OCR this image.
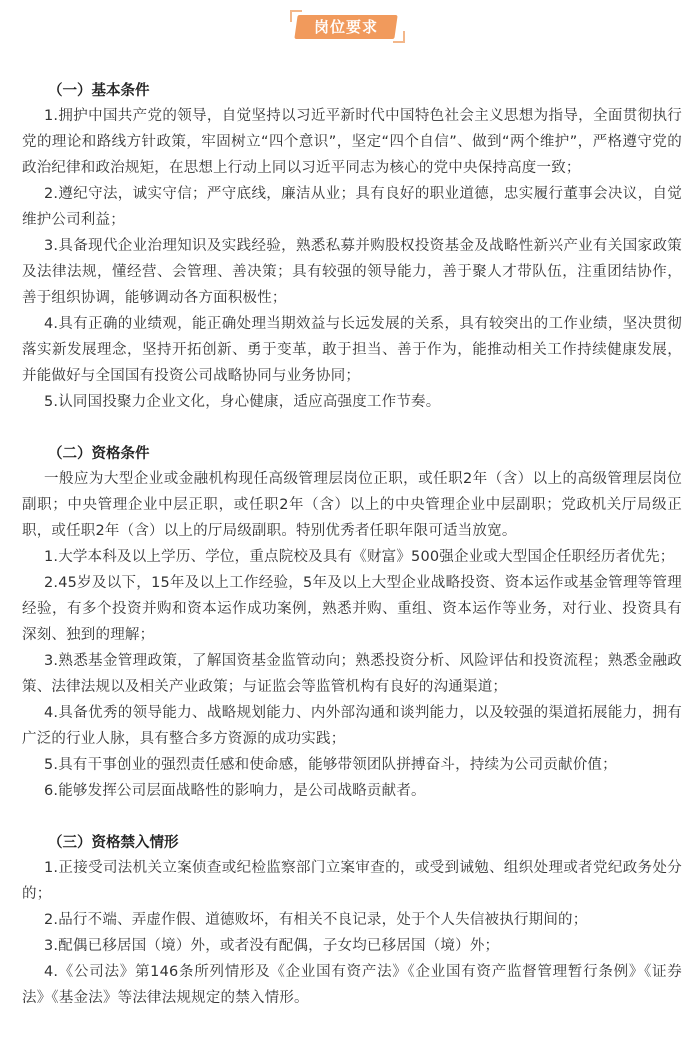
岗位要求

（一）基本条件

1.拥护中国共产党的领导，自觉坚持以习近平新时代中国特色社会主义思想为指导，全面贯彻执行党的理论和路线方针政策，牢固树立“四个意识”，坚定“四个自信”、做到“两个维护”，严格遵守党的政治纪律和政治规矩，在思想上行动上同以习近平同志为核心的党中央保持高度一致；

2.遵纪守法，诚实守信；严守底线，廉洁从业；具有良好的职业道德，忠实履行董事会决议，自觉维护公司利益；

3.具备现代企业治理知识及实践经验，熟悉私募并购股权投资基金及战略性新兴产业有关国家政策及法律法规，懂经营、会管理、善决策；具有较强的领导能力，善于聚人才带队伍，注重团结协作，善于组织协调，能够调动各方面积极性；

4.具有正确的业绩观，能正确处理当期效益与长远发展的关系，具有较突出的工作业绩，坚决贯彻落实新发展理念，坚持开拓创新、勇于变革，敢于担当、善于作为，能推动相关工作持续健康发展，并能做好与全国国有投资公司战略协同与业务协同；

5.认同国投聚力企业文化，身心健康，适应高强度工作节奏。

（二）资格条件

一般应为大型企业或金融机构现任高级管理层岗位正职，或任职2年（含）以上的高级管理层岗位副职；中央管理企业中层正职，或任职2年（含）以上的中央管理企业中层副职；党政机关厅局级正职，或任职2年（含）以上的厅局级副职。特别优秀者任职年限可适当放宽。

1.大学本科及以上学历、学位，重点院校及具有《财富》500强企业或大型国企任职经历者优先；

2.45岁及以下，15年及以上工作经验，5年及以上大型企业战略投资、资本运作或基金管理等管理经验，有多个投资并购和资本运作成功案例，熟悉并购、重组、资本运作等业务，对行业、投资具有深刻、独到的理解；

3.熟悉基金管理政策，了解国资基金监管动向；熟悉投资分析、风险评估和投资流程；熟悉金融政策、法律法规以及相关产业政策；与证监会等监管机构有良好的沟通渠道；

4.具备优秀的领导能力、战略规划能力、内外部沟通和谈判能力，以及较强的渠道拓展能力，拥有广泛的行业人脉，具有整合多方资源的成功实践；

5.具有干事创业的强烈责任感和使命感，能够带领团队拼搏奋斗，持续为公司贡献价值；

6.能够发挥公司层面战略性的影响力，是公司战略贡献者。

（三）资格禁入情形

1.正接受司法机关立案侦查或纪检监察部门立案审查的，或受到诫勉、组织处理或者党纪政务处分的；

2.品行不端、弄虚作假、道德败坏，有相关不良记录，处于个人失信被执行期间的；

3.配偶已移居国（境）外，或者没有配偶，子女均已移居国（境）外；

4.《公司法》第146条所列情形及《企业国有资产法》《企业国有资产监督管理暂行条例》《证券法》《基金法》等法律法规规定的禁入情形。
